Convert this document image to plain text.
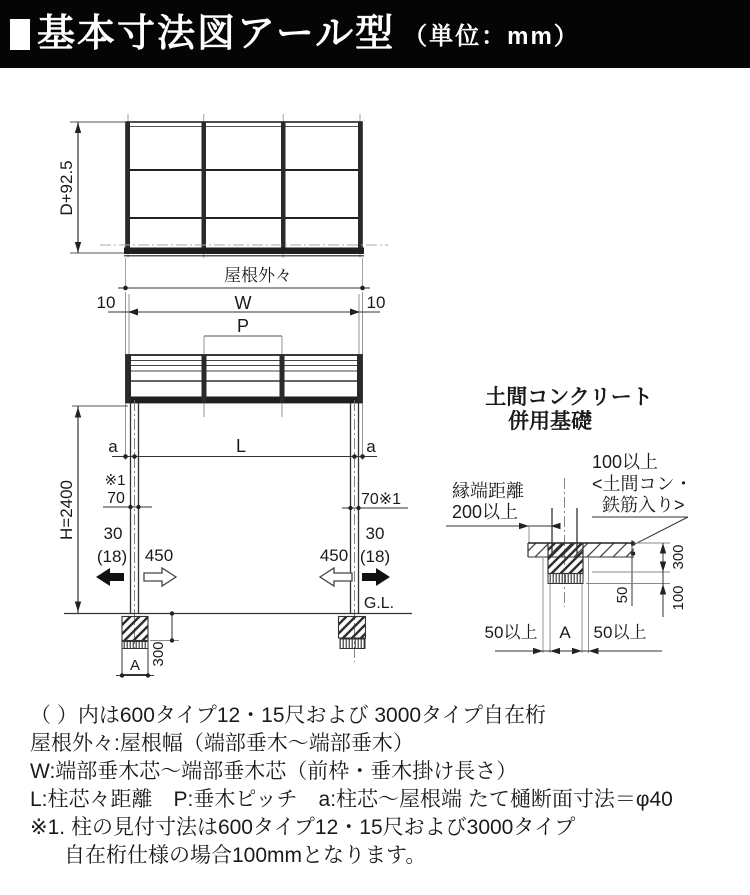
基本寸法図アール型 （単位：mm）
D+92.5
屋根外々
10	10
W
P
a	L	a
H=2400 ※1
70	70※1
30
(18) 450	450
30
(18)
G.L.
A 300
土間コンクリート
併用基礎
縁端距離
200以上
100以上
<土間コン・
鉄筋入り>
50以上 A 50以上
50
300
100
（ ）内は600タイプ12・15尺および 3000タイプ自在桁
屋根外々:屋根幅（端部垂木〜端部垂木）
W:端部垂木芯〜端部垂木芯（前枠・垂木掛け長さ）
L:柱芯々距離　P:垂木ピッチ　a:柱芯〜屋根端 たて樋断面寸法＝φ40
※1. 柱の見付寸法は600タイプ12・15尺および3000タイプ
自在桁仕様の場合100mmとなります。
